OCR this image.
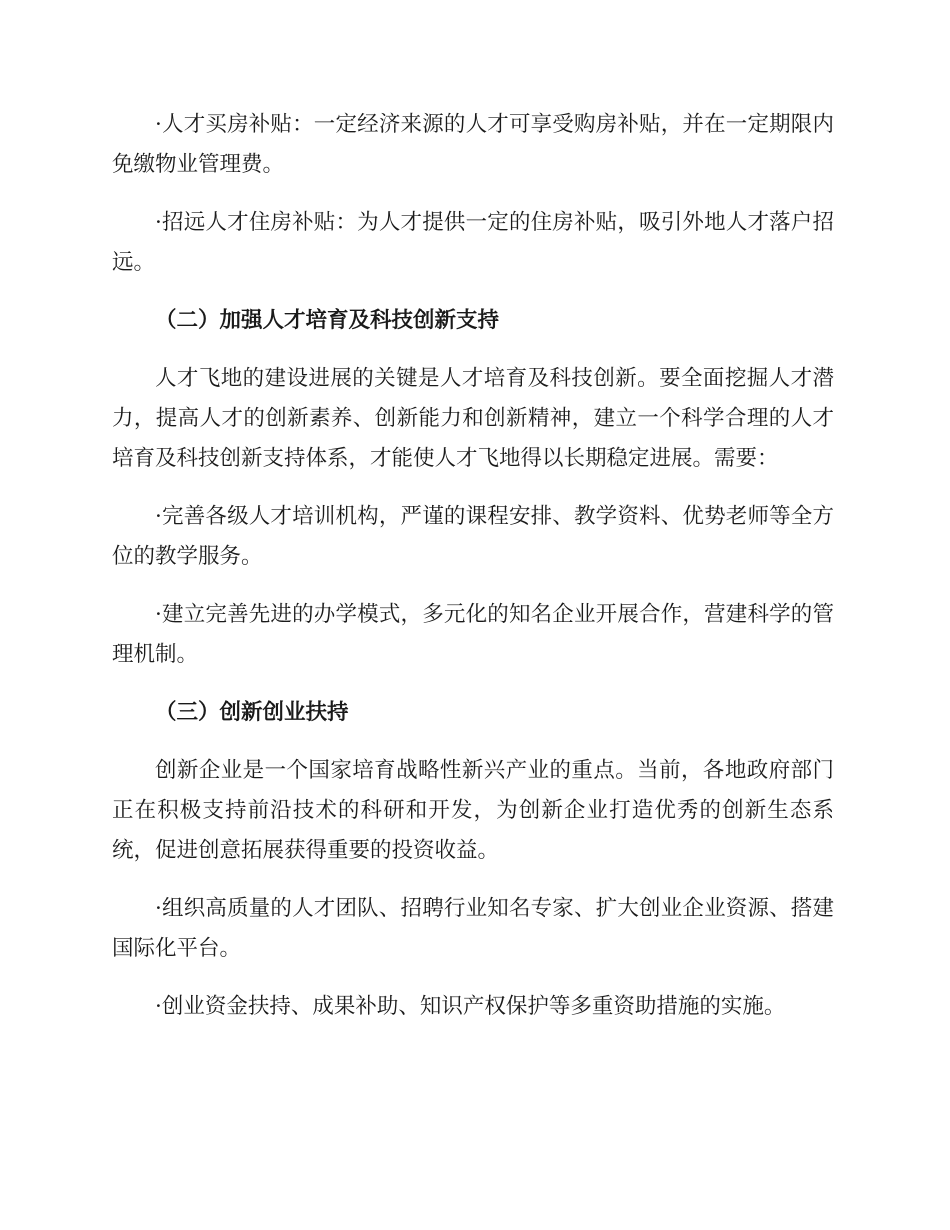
·人才买房补贴：一定经济来源的人才可享受购房补贴，并在一定期限内免缴物业管理费。

·招远人才住房补贴：为人才提供一定的住房补贴，吸引外地人才落户招远。

（二）加强人才培育及科技创新支持

人才飞地的建设进展的关键是人才培育及科技创新。要全面挖掘人才潜力，提高人才的创新素养、创新能力和创新精神，建立一个科学合理的人才培育及科技创新支持体系，才能使人才飞地得以长期稳定进展。需要：

·完善各级人才培训机构，严谨的课程安排、教学资料、优势老师等全方位的教学服务。

·建立完善先进的办学模式，多元化的知名企业开展合作，营建科学的管理机制。

（三）创新创业扶持

创新企业是一个国家培育战略性新兴产业的重点。当前，各地政府部门正在积极支持前沿技术的科研和开发，为创新企业打造优秀的创新生态系统，促进创意拓展获得重要的投资收益。

·组织高质量的人才团队、招聘行业知名专家、扩大创业企业资源、搭建国际化平台。

·创业资金扶持、成果补助、知识产权保护等多重资助措施的实施。
